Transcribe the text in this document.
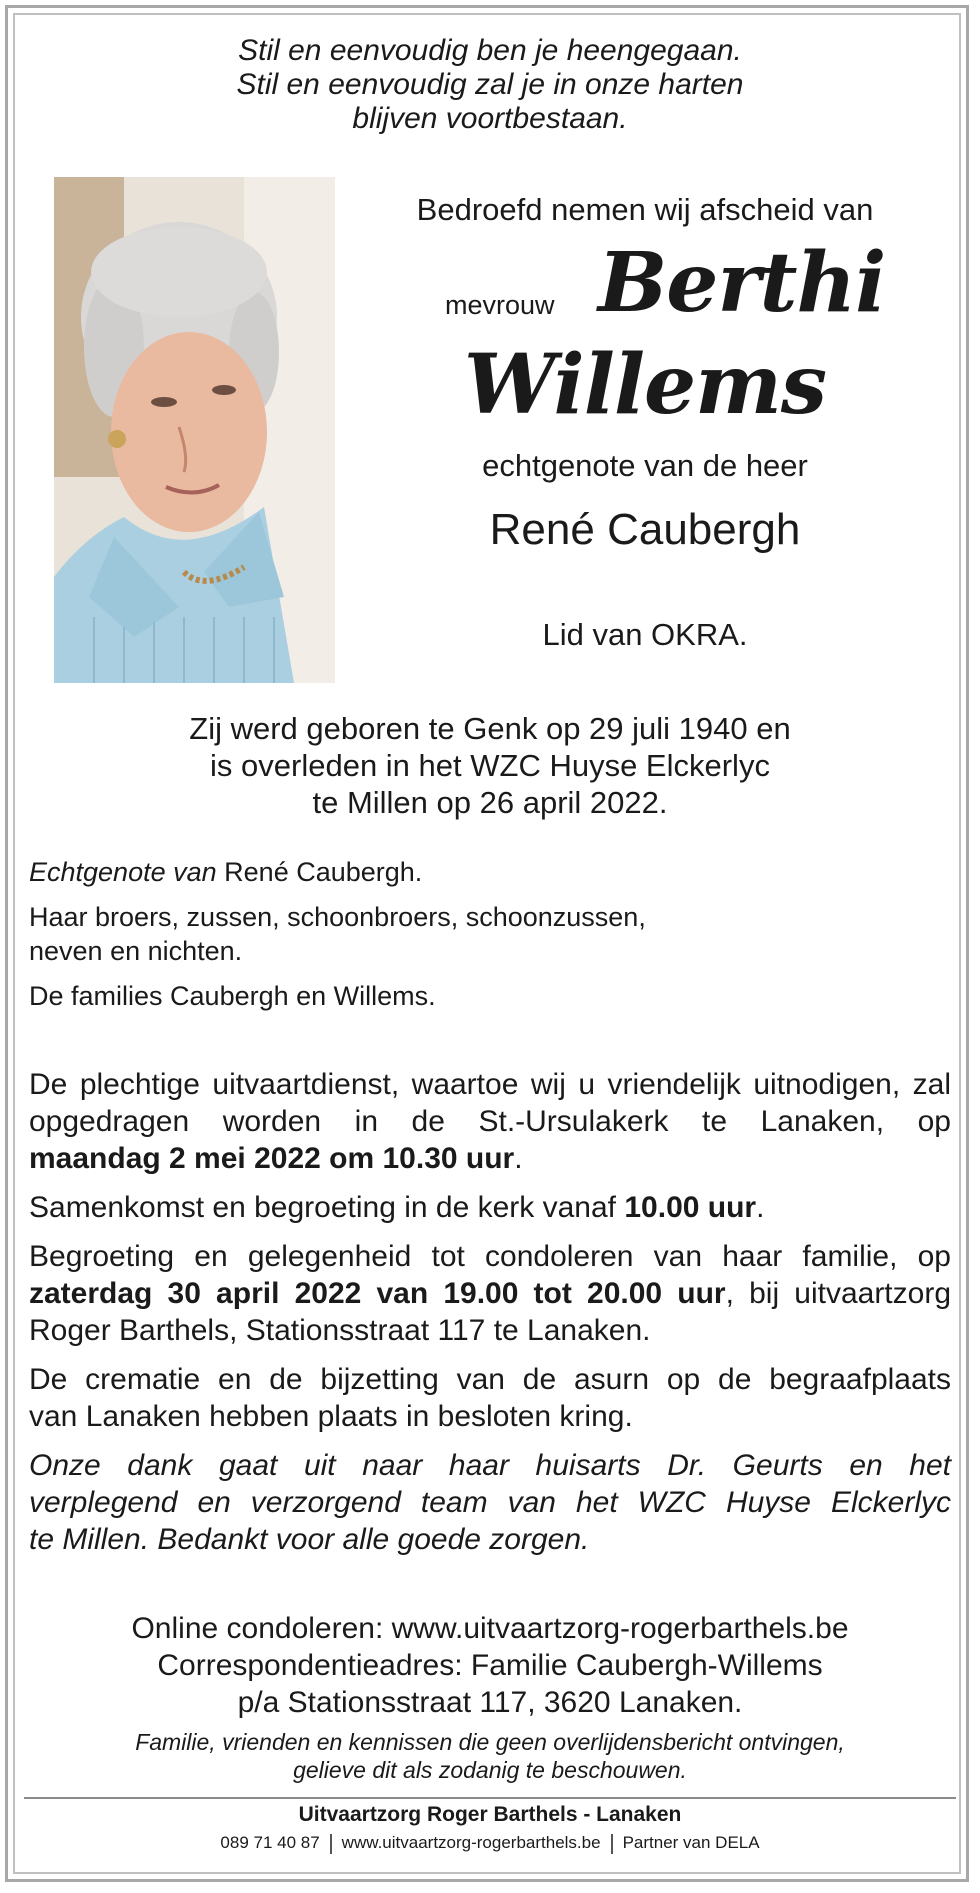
Stil en eenvoudig ben je heengegaan.
Stil en eenvoudig zal je in onze harten
blijven voortbestaan.
Bedroefd nemen wij afscheid van
mevrouw Berthi
Willems
echtgenote van de heer
René Caubergh
Lid van OKRA.
Zij werd geboren te Genk op 29 juli 1940 en
is overleden in het WZC Huyse Elckerlyc
te Millen op 26 april 2022.

Echtgenote van René Caubergh.

Haar broers, zussen, schoonbroers, schoonzussen,
neven en nichten.

De families Caubergh en Willems.

De plechtige uitvaartdienst, waartoe wij u vriendelijk uitnodigen, zal
opgedragen worden in de St.-Ursulakerk te Lanaken, op
maandag 2 mei 2022 om 10.30 uur.

Samenkomst en begroeting in de kerk vanaf 10.00 uur.

Begroeting en gelegenheid tot condoleren van haar familie, op
zaterdag 30 april 2022 van 19.00 tot 20.00 uur, bij uitvaartzorg
Roger Barthels, Stationsstraat 117 te Lanaken.

De crematie en de bijzetting van de asurn op de begraafplaats
van Lanaken hebben plaats in besloten kring.

Onze dank gaat uit naar haar huisarts Dr. Geurts en het
verplegend en verzorgend team van het WZC Huyse Elckerlyc
te Millen. Bedankt voor alle goede zorgen.

Online condoleren: www.uitvaartzorg-rogerbarthels.be
Correspondentieadres: Familie Caubergh-Willems
p/a Stationsstraat 117, 3620 Lanaken.
Familie, vrienden en kennissen die geen overlijdensbericht ontvingen,
gelieve dit als zodanig te beschouwen.
Uitvaartzorg Roger Barthels - Lanaken
089 71 40 87 www.uitvaartzorg-rogerbarthels.be Partner van DELA
